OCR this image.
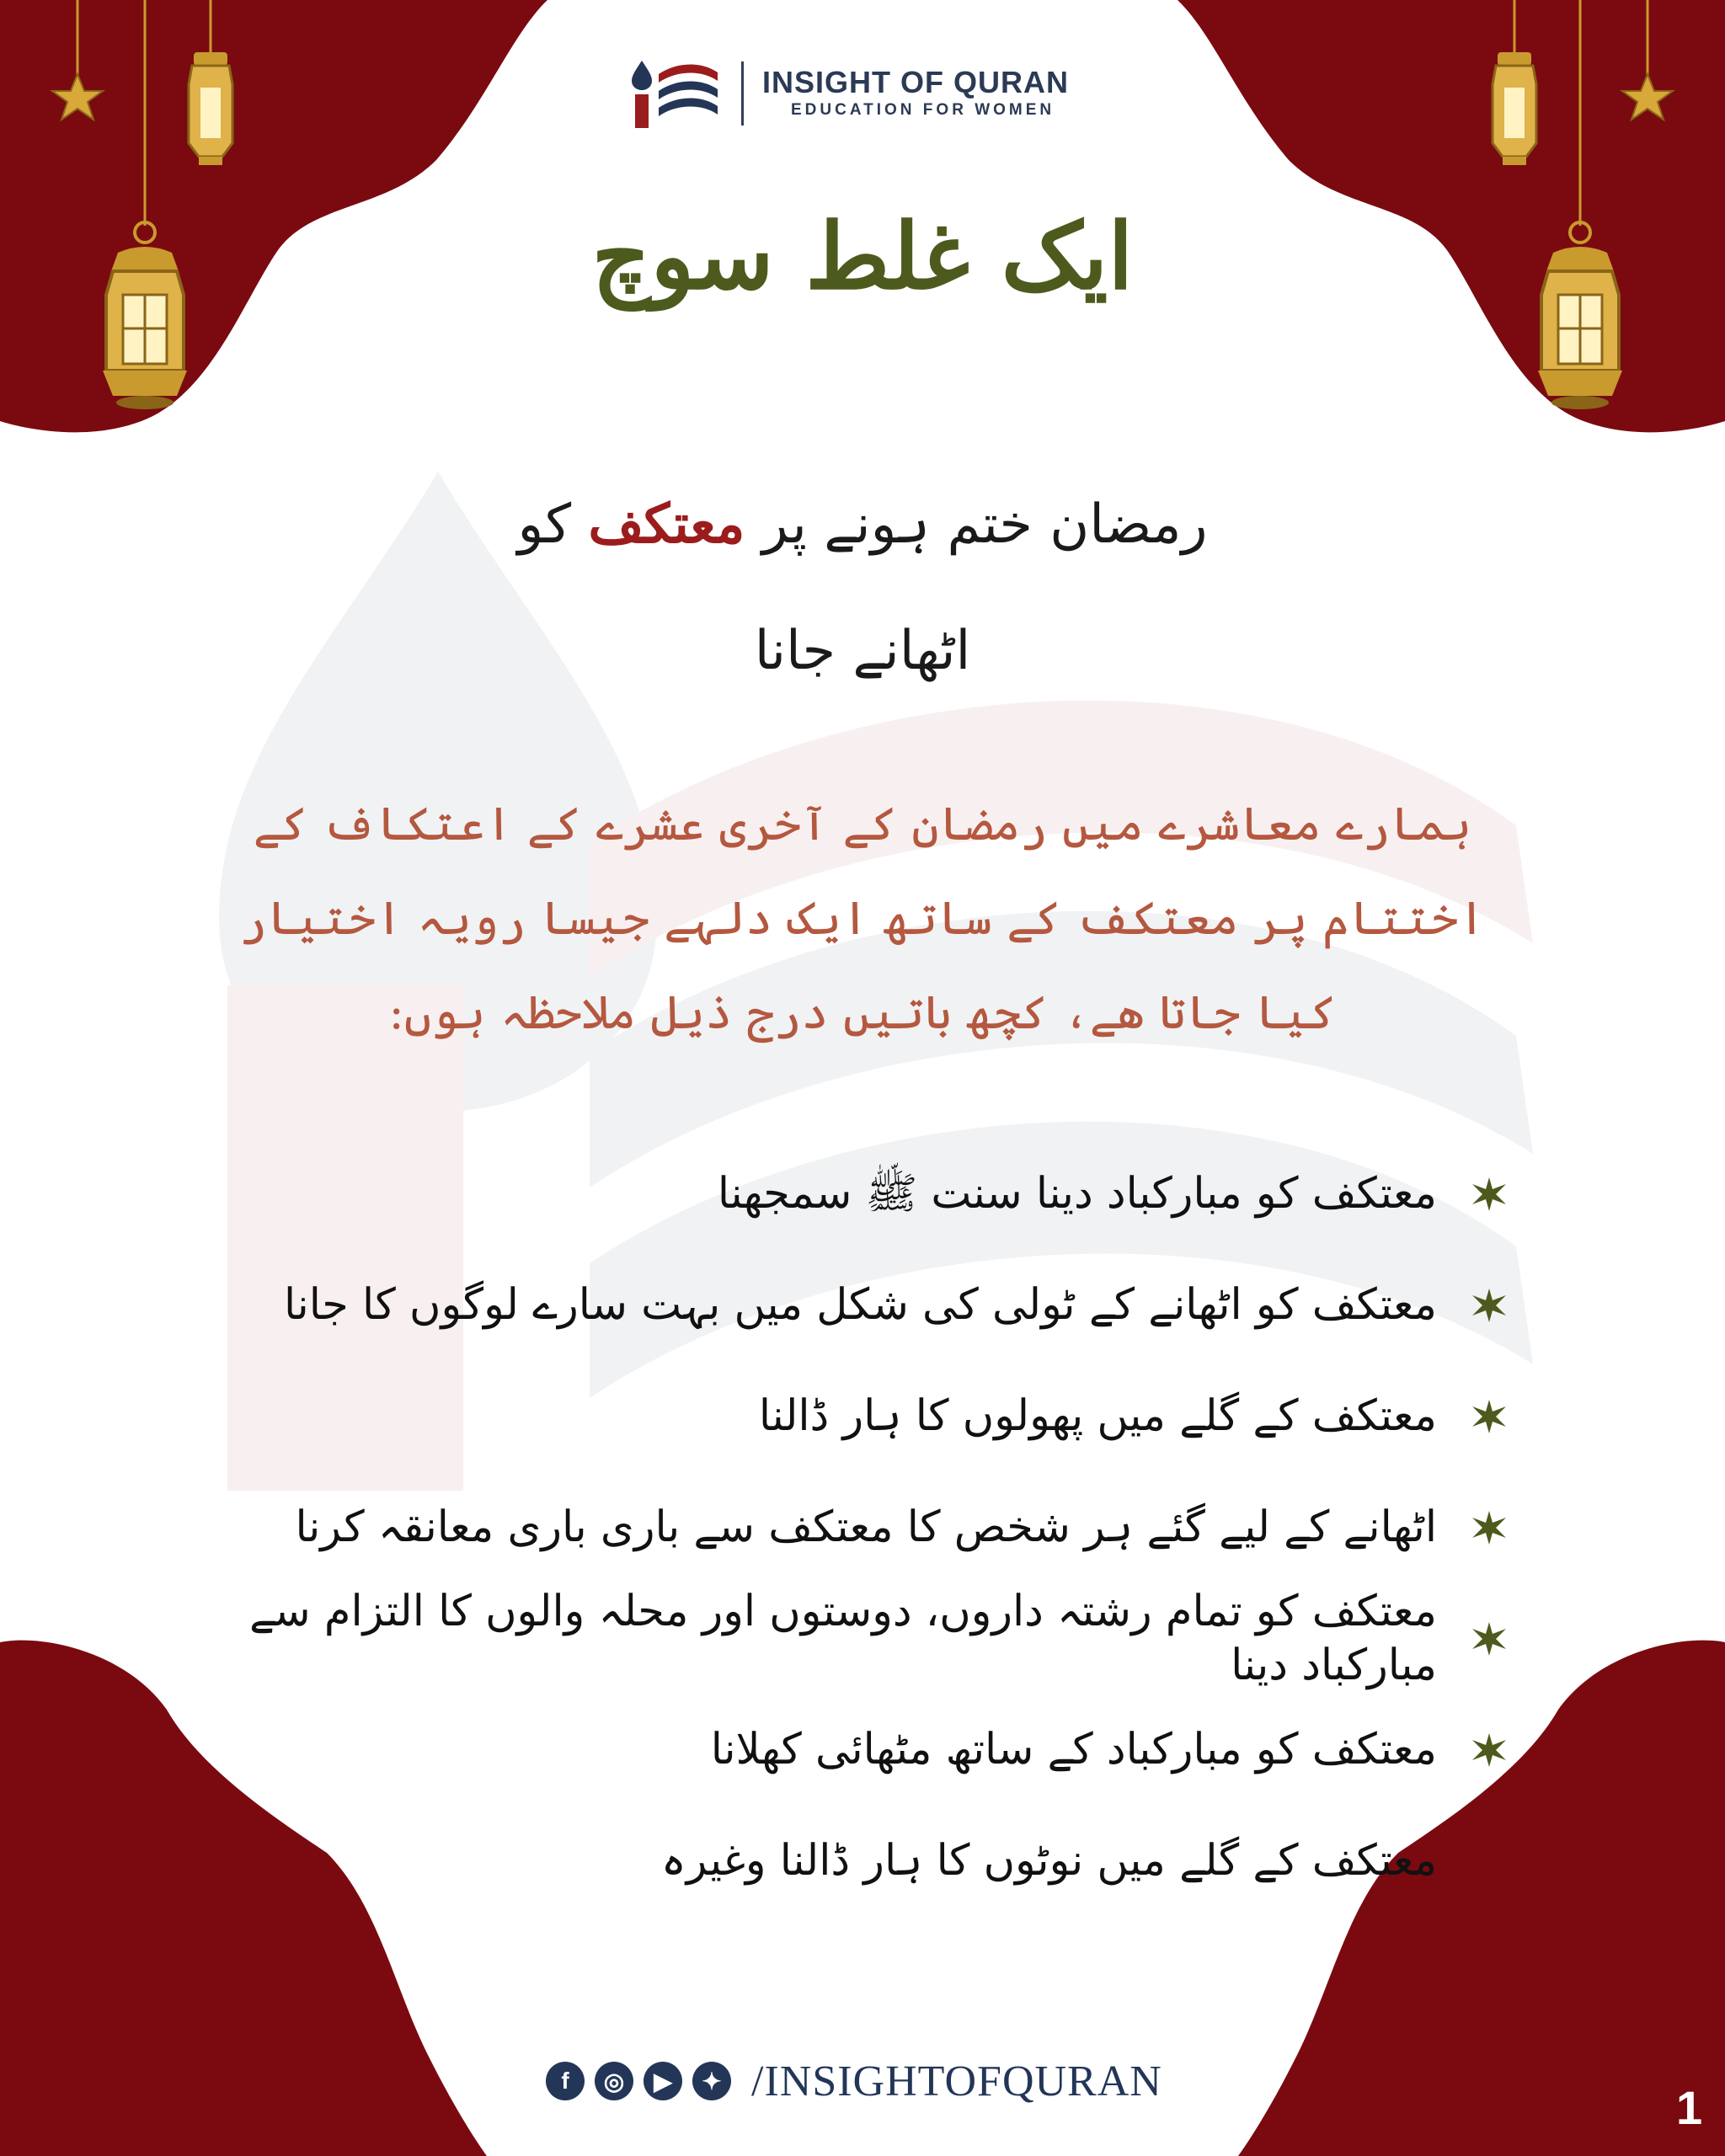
INSIGHT OF QURAN
EDUCATION FOR WOMEN
ایک غلط سوچ
رمضان ختم ہونے پر معتکف کو
اٹھانے جانا
ہمارے معاشرے میں رمضان کے آخری عشرے کے اعتکاف کے اختتام پر معتکف کے ساتھ ایک دلہے جیسا رویہ اختیار کیا جاتا ھے، کچھ باتیں درج ذیل ملاحظہ ہوں:
معتکف کو مبارکباد دینا سنت ﷺ سمجھنا
معتکف کو اٹھانے کے ٹولی کی شکل میں بہت سارے لوگوں کا جانا
معتکف کے گلے میں پھولوں کا ہار ڈالنا
اٹھانے کے لیے گئے ہر شخص کا معتکف سے باری باری معانقہ کرنا
معتکف کو تمام رشتہ داروں، دوستوں اور محلہ والوں کا التزام سے مبارکباد دینا
معتکف کو مبارکباد کے ساتھ مٹھائی کھلانا
معتکف کے گلے میں نوٹوں کا ہار ڈالنا وغیرہ
f	◎	▶	✦ /INSIGHTOFQURAN	1
